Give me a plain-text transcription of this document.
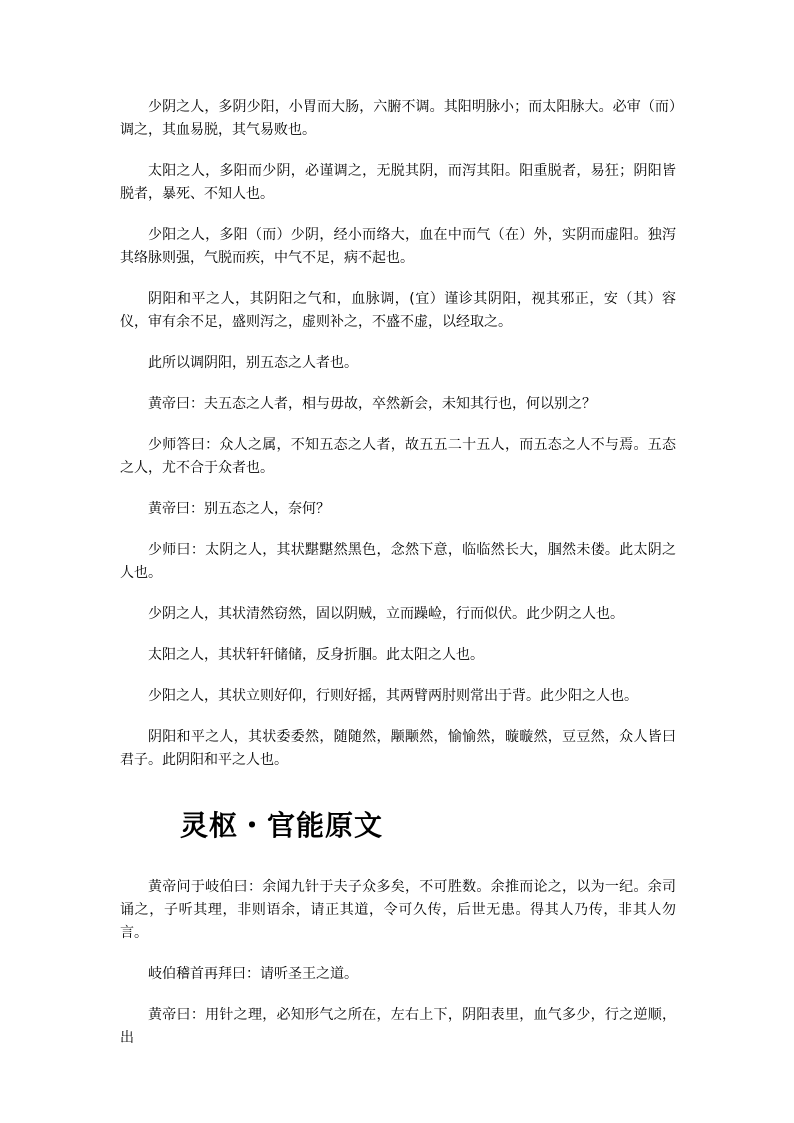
少阴之人，多阴少阳，小胃而大肠，六腑不调。其阳明脉小；而太阳脉大。必审（而）调之，其血易脱，其气易败也。

太阳之人，多阳而少阴，必谨调之，无脱其阴，而泻其阳。阳重脱者，易狂；阴阳皆脱者，暴死、不知人也。

少阳之人，多阳（而）少阴，经小而络大，血在中而气（在）外，实阴而虚阳。独泻其络脉则强，气脱而疾，中气不足，病不起也。

阴阳和平之人，其阴阳之气和，血脉调，(宜）谨诊其阴阳，视其邪正，安（其）容仪，审有余不足，盛则泻之，虚则补之，不盛不虚，以经取之。

此所以调阴阳，别五态之人者也。

黄帝曰：夫五态之人者，相与毋故，卒然新会，未知其行也，何以别之？

少师答曰：众人之属，不知五态之人者，故五五二十五人，而五态之人不与焉。五态之人，尤不合于众者也。

黄帝曰：别五态之人，奈何？

少师曰：太阴之人，其状黮黮然黑色，念然下意，临临然长大，腘然未偻。此太阴之人也。

少阴之人，其状清然窃然，固以阴贼，立而躁崄，行而似伏。此少阴之人也。

太阳之人，其状轩轩储储，反身折腘。此太阳之人也。

少阳之人，其状立则好仰，行则好摇，其两臂两肘则常出于背。此少阳之人也。

阴阳和平之人，其状委委然，随随然，颙颙然，愉愉然，暶暶然，豆豆然，众人皆曰君子。此阴阳和平之人也。

灵枢・官能原文

黄帝问于岐伯曰：余闻九针于夫子众多矣，不可胜数。余推而论之，以为一纪。余司诵之，子听其理，非则语余，请正其道，令可久传，后世无患。得其人乃传，非其人勿言。

岐伯稽首再拜曰：请听圣王之道。

黄帝曰：用针之理，必知形气之所在，左右上下，阴阳表里，血气多少，行之逆顺，出
